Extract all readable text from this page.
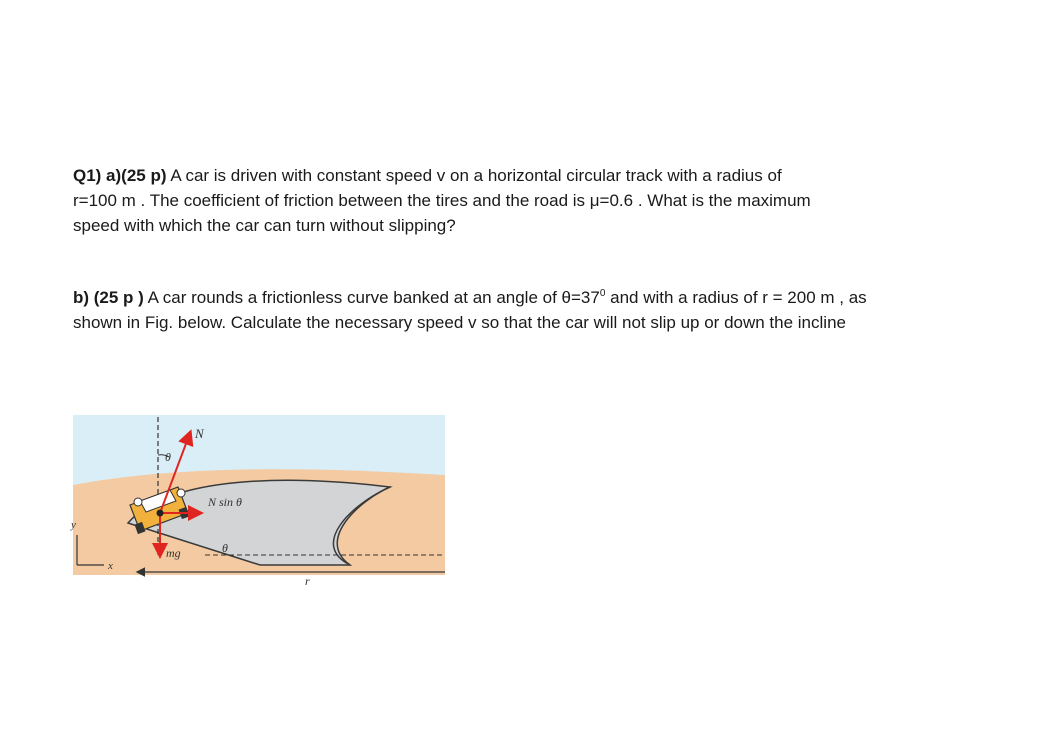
Q1) a)(25 p) A car is driven with constant speed v on a horizontal circular track with a radius of
r=100 m . The coefficient of friction between the tires and the road is μ=0.6 . What is the maximum
speed with which the car can turn without slipping?
b) (25 p ) A car rounds a frictionless curve banked at an angle of $\theta=37^0$ and with a radius of r = 200 m , as
shown in Fig. below. Calculate the necessary speed v so that the car will not slip up or down the incline
N
θ
N sin θ
mg	θ
r
y
x
